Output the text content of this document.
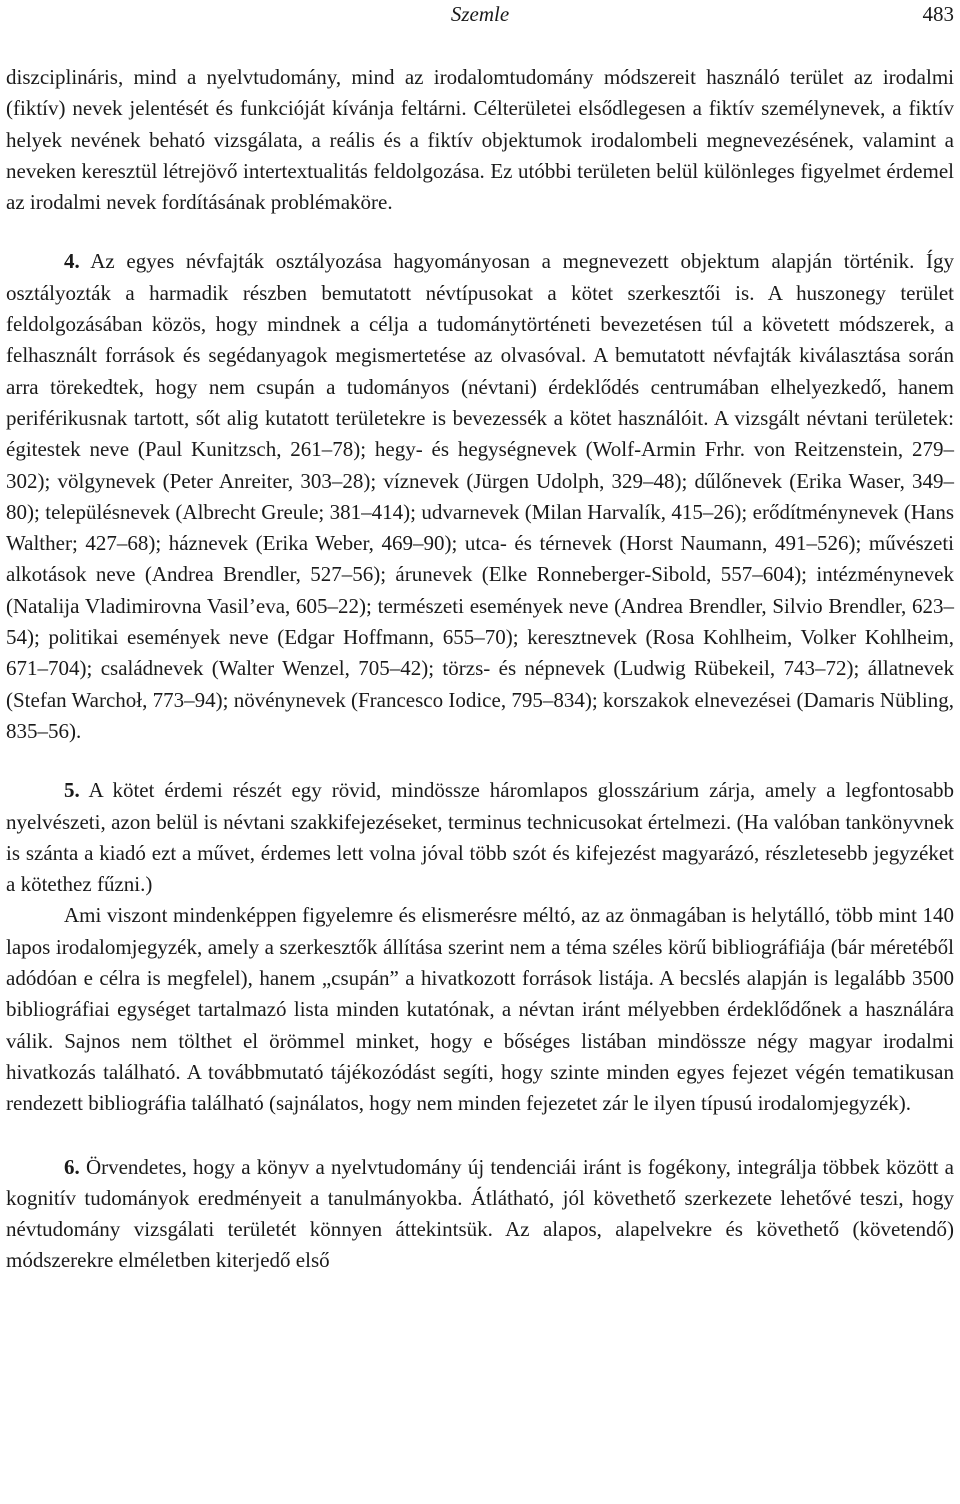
Szemle	483

diszciplináris, mind a nyelvtudomány, mind az irodalomtudomány módszereit használó terület az irodalmi (fiktív) nevek jelentését és funkcióját kívánja feltárni. Célterületei elsődlegesen a fiktív személynevek, a fiktív helyek nevének beható vizsgálata, a reális és a fiktív objektumok irodalombeli megnevezésének, valamint a neveken keresztül létrejövő intertextualitás feldolgozása. Ez utóbbi területen belül különleges figyelmet érdemel az irodalmi nevek fordításának problémaköre.

4. Az egyes névfajták osztályozása hagyományosan a megnevezett objektum alapján történik. Így osztályozták a harmadik részben bemutatott névtípusokat a kötet szerkesztői is. A huszonegy terület feldolgozásában közös, hogy mindnek a célja a tudománytörténeti bevezetésen túl a követett módszerek, a felhasznált források és segédanyagok megismertetése az olvasóval. A bemutatott névfajták kiválasztása során arra törekedtek, hogy nem csupán a tudományos (névtani) érdeklődés centrumában elhelyezkedő, hanem periférikusnak tartott, sőt alig kutatott területekre is bevezessék a kötet használóit. A vizsgált névtani területek: égitestek neve (Paul Kunitzsch, 261–78); hegy- és hegységnevek (Wolf-Armin Frhr. von Reitzenstein, 279–302); völgynevek (Peter Anreiter, 303–28); víznevek (Jürgen Udolph, 329–48); dűlőnevek (Erika Waser, 349–80); településnevek (Albrecht Greule; 381–414); udvarnevek (Milan Harvalík, 415–26); erődítménynevek (Hans Walther; 427–68); háznevek (Erika Weber, 469–90); utca- és térnevek (Horst Naumann, 491–526); művészeti alkotások neve (Andrea Brendler, 527–56); árunevek (Elke Ronneberger-Sibold, 557–604); intézménynevek (Natalija Vladimirovna Vasil’eva, 605–22); természeti események neve (Andrea Brendler, Silvio Brendler, 623–54); politikai események neve (Edgar Hoffmann, 655–70); keresztnevek (Rosa Kohlheim, Volker Kohlheim, 671–704); családnevek (Walter Wenzel, 705–42); törzs- és népnevek (Ludwig Rübekeil, 743–72); állatnevek (Stefan Warchoł, 773–94); növénynevek (Francesco Iodice, 795–834); korszakok elnevezései (Damaris Nübling, 835–56).

5. A kötet érdemi részét egy rövid, mindössze háromlapos glosszárium zárja, amely a legfontosabb nyelvészeti, azon belül is névtani szakkifejezéseket, terminus technicusokat értelmezi. (Ha valóban tankönyvnek is szánta a kiadó ezt a művet, érdemes lett volna jóval több szót és kifejezést magyarázó, részletesebb jegyzéket a kötethez fűzni.)

Ami viszont mindenképpen figyelemre és elismerésre méltó, az az önmagában is helytálló, több mint 140 lapos irodalomjegyzék, amely a szerkesztők állítása szerint nem a téma széles körű bibliográfiája (bár méretéből adódóan e célra is megfelel), hanem „csupán” a hivatkozott források listája. A becslés alapján is legalább 3500 bibliográfiai egységet tartalmazó lista minden kutatónak, a névtan iránt mélyebben érdeklődőnek a használára válik. Sajnos nem tölthet el örömmel minket, hogy e bőséges listában mindössze négy magyar irodalmi hivatkozás található. A továbbmutató tájékozódást segíti, hogy szinte minden egyes fejezet végén tematikusan rendezett bibliográfia található (sajnálatos, hogy nem minden fejezetet zár le ilyen típusú irodalomjegyzék).

6. Örvendetes, hogy a könyv a nyelvtudomány új tendenciái iránt is fogékony, integrálja többek között a kognitív tudományok eredményeit a tanulmányokba. Átlátható, jól követhető szerkezete lehetővé teszi, hogy névtudomány vizsgálati területét könnyen áttekintsük. Az alapos, alapelvekre és követhető (követendő) módszerekre elméletben kiterjedő első
